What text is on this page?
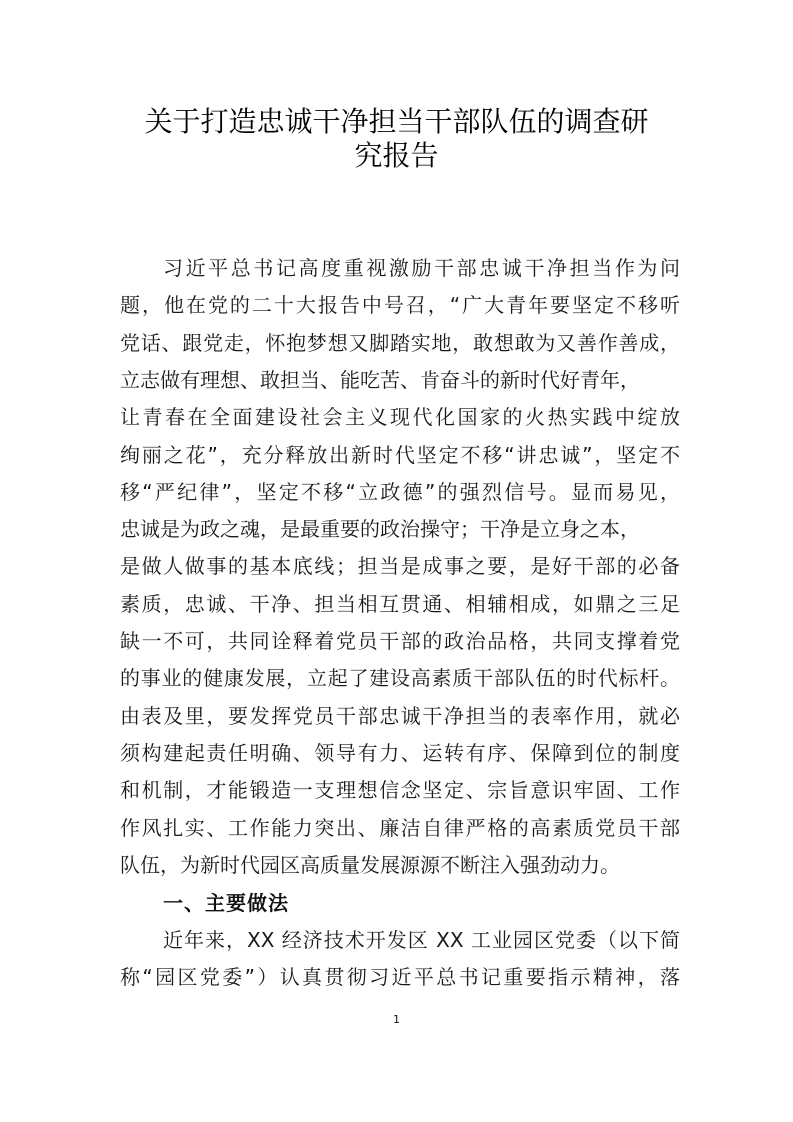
关于打造忠诚干净担当干部队伍的调查研
究报告
习近平总书记高度重视激励干部忠诚干净担当作为问
题，他在党的二十大报告中号召，“广大青年要坚定不移听
党话、跟党走，怀抱梦想又脚踏实地，敢想敢为又善作善成，
立志做有理想、敢担当、能吃苦、肯奋斗的新时代好青年，
让青春在全面建设社会主义现代化国家的火热实践中绽放
绚丽之花”，充分释放出新时代坚定不移“讲忠诚”，坚定不
移“严纪律”，坚定不移“立政德”的强烈信号。显而易见，
忠诚是为政之魂，是最重要的政治操守；干净是立身之本，
是做人做事的基本底线；担当是成事之要，是好干部的必备
素质，忠诚、干净、担当相互贯通、相辅相成，如鼎之三足
缺一不可，共同诠释着党员干部的政治品格，共同支撑着党
的事业的健康发展，立起了建设高素质干部队伍的时代标杆。
由表及里，要发挥党员干部忠诚干净担当的表率作用，就必
须构建起责任明确、领导有力、运转有序、保障到位的制度
和机制，才能锻造一支理想信念坚定、宗旨意识牢固、工作
作风扎实、工作能力突出、廉洁自律严格的高素质党员干部
队伍，为新时代园区高质量发展源源不断注入强劲动力。
一、主要做法
近年来，XX 经济技术开发区 XX 工业园区党委（以下简
称“园区党委”）认真贯彻习近平总书记重要指示精神，落
1
